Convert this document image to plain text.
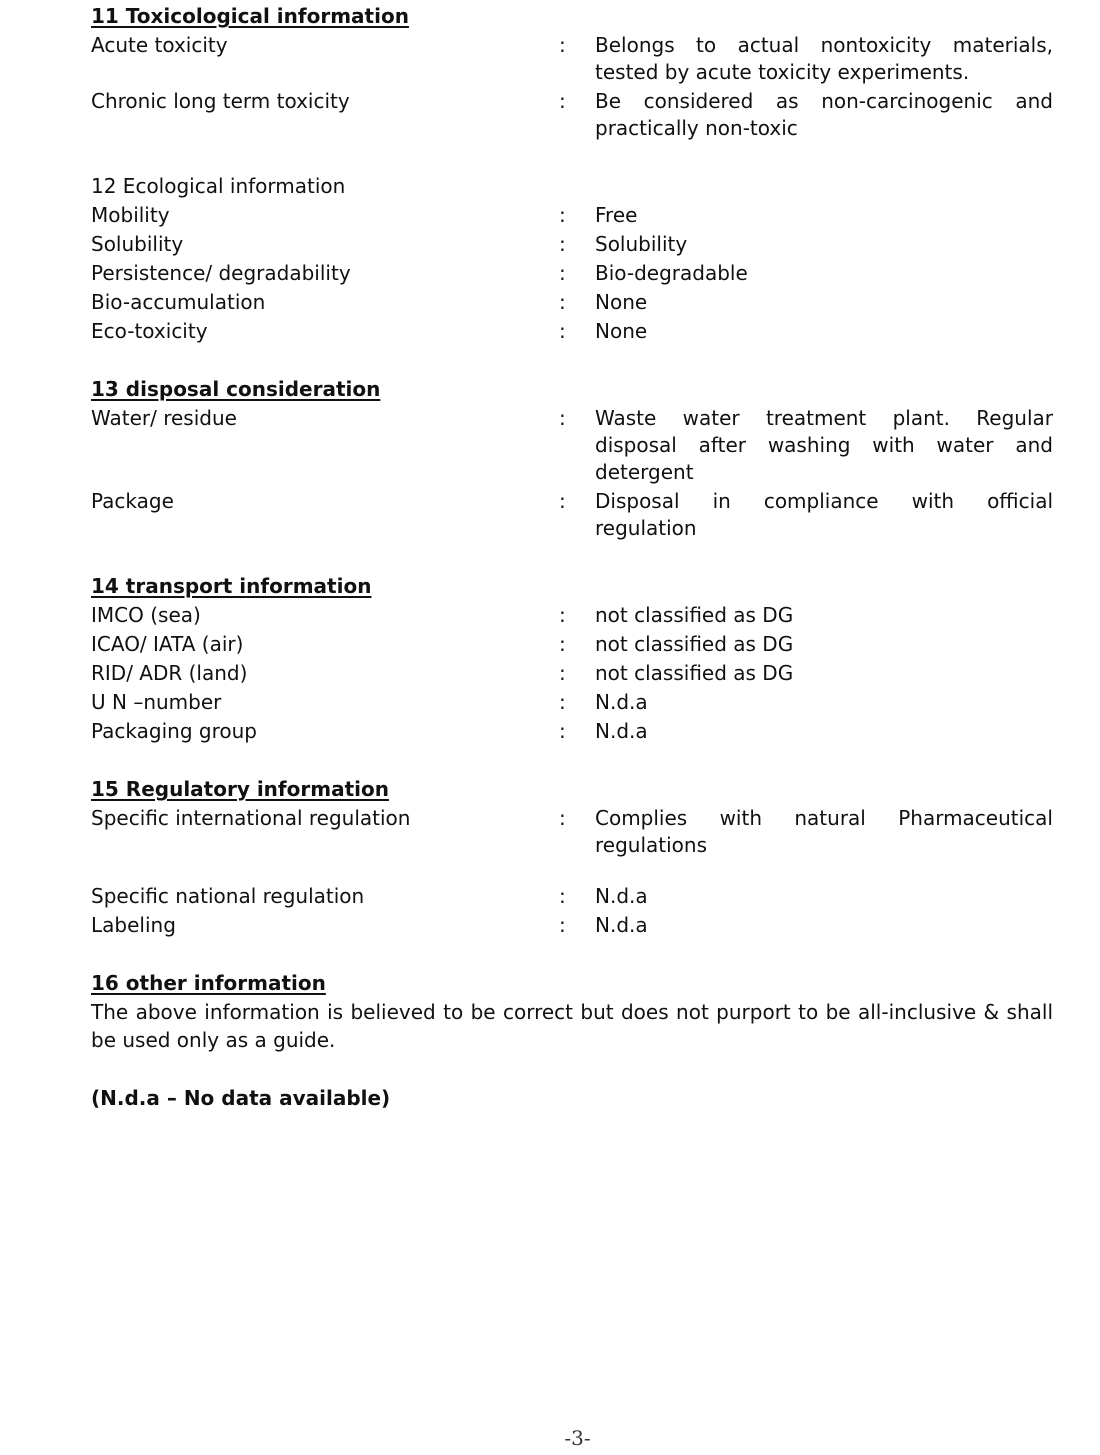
11 Toxicological information
Acute toxicity	:	Belongs to actual nontoxicity materials, tested by acute toxicity experiments.
Chronic long term toxicity	:	Be considered as non-carcinogenic and practically non-toxic
12 Ecological information
Mobility	:	Free
Solubility	:	Solubility
Persistence/ degradability	:	Bio-degradable
Bio-accumulation	:	None
Eco-toxicity	:	None
13 disposal consideration
Water/ residue	:	Waste water treatment plant. Regular disposal after washing with water and detergent
Package	:	Disposal in compliance with official regulation
14 transport information
IMCO (sea)	:	not classified as DG
ICAO/ IATA (air)	:	not classified as DG
RID/ ADR (land)	:	not classified as DG
U N –number	:	N.d.a
Packaging group	:	N.d.a
15 Regulatory information
Specific international regulation	:	Complies with natural Pharmaceutical regulations
Specific national regulation	:	N.d.a
Labeling	:	N.d.a
16 other information
The above information is believed to be correct but does not purport to be all-inclusive & shall be used only as a guide.
(N.d.a – No data available)
-3-
